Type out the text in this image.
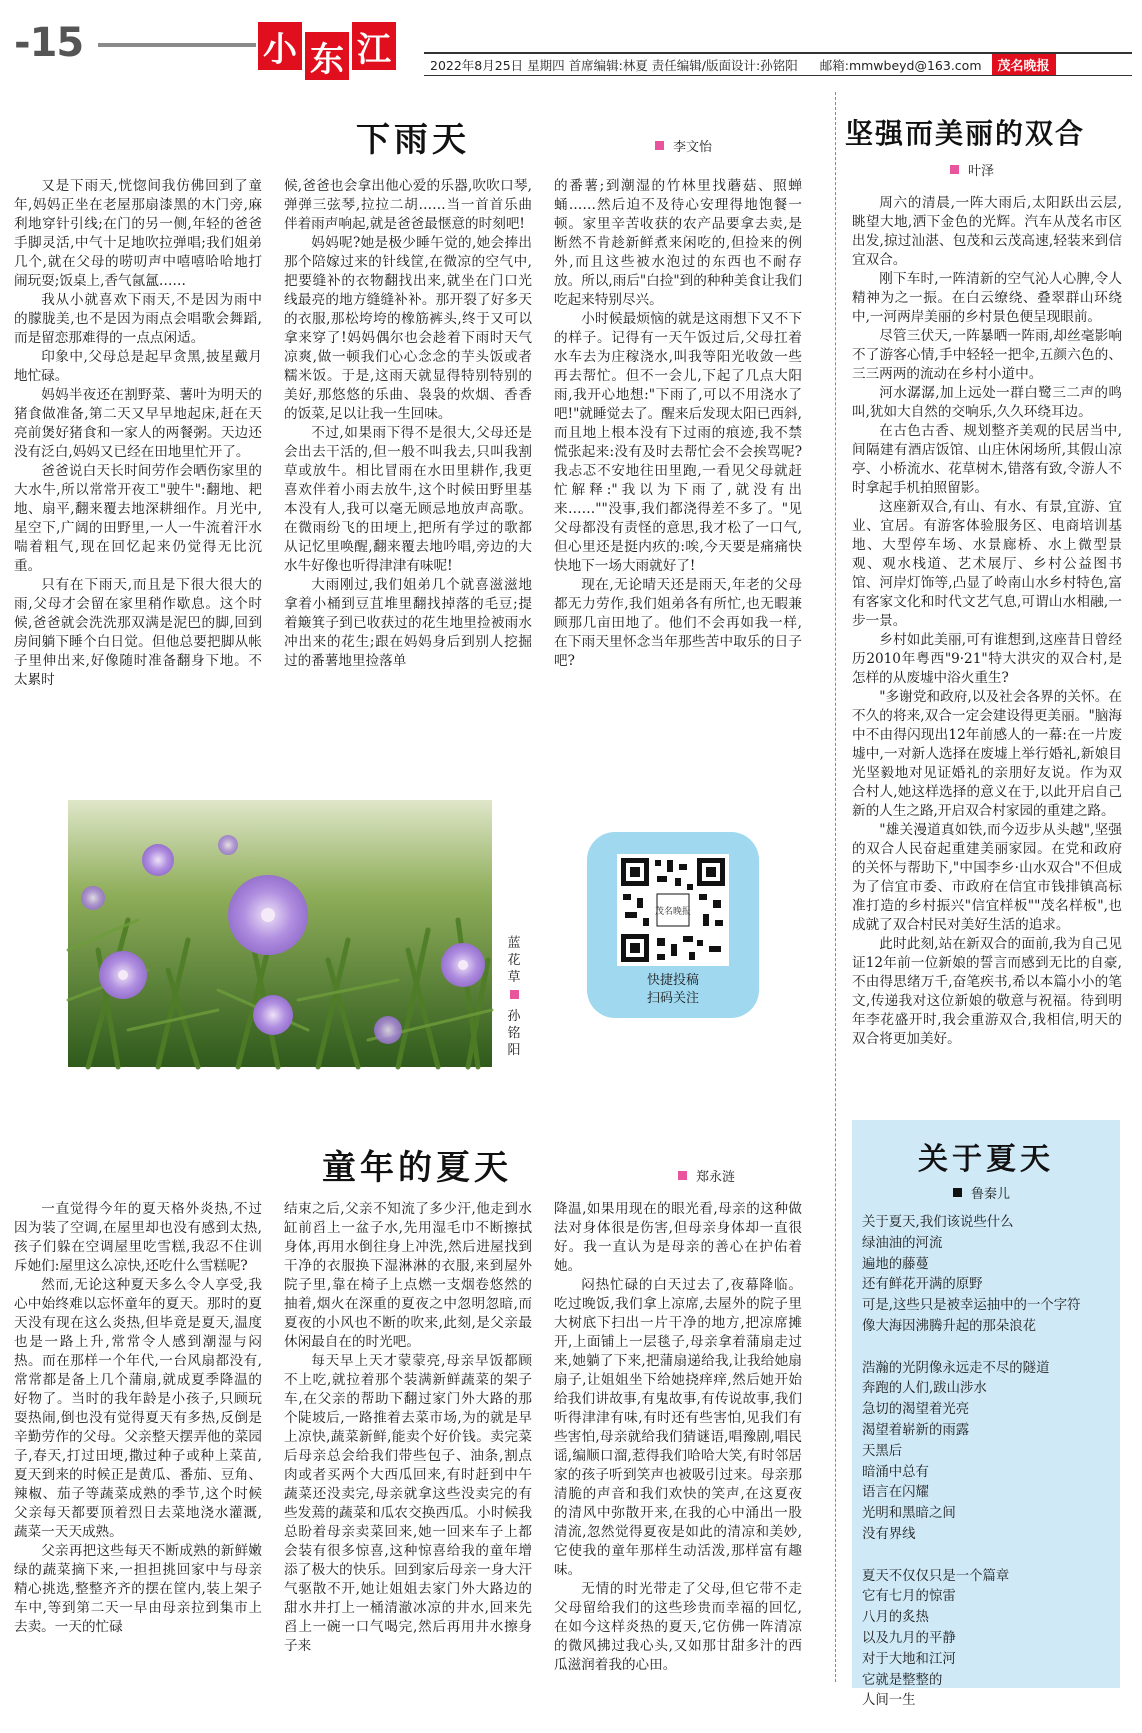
-15	小 东 江	2022年8月25日 星期四 首席编辑:林夏 责任编辑/版面设计:孙铭阳 邮箱:mmwbeyd@163.com	茂名晚报
下雨天	李文怡

又是下雨天,恍惚间我仿佛回到了童年,妈妈正坐在老屋那扇漆黑的木门旁,麻利地穿针引线;在门的另一侧,年轻的爸爸手脚灵活,中气十足地吹拉弹唱;我们姐弟几个,就在父母的唠叨声中嘻嘻哈哈地打闹玩耍;饭桌上,香气氤氲……

我从小就喜欢下雨天,不是因为雨中的朦胧美,也不是因为雨点会唱歌会舞蹈,而是留恋那难得的一点点闲适。

印象中,父母总是起早贪黑,披星戴月地忙碌。

妈妈半夜还在割野菜、薯叶为明天的猪食做准备,第二天又早早地起床,赶在天亮前煲好猪食和一家人的两餐粥。天边还没有泛白,妈妈又已经在田地里忙开了。

爸爸说白天长时间劳作会晒伤家里的大水牛,所以常常开夜工"驶牛":翻地、耙地、扇平,翻来覆去地深耕细作。月光中,星空下,广阔的田野里,一人一牛流着汗水喘着粗气,现在回忆起来仍觉得无比沉重。

只有在下雨天,而且是下很大很大的雨,父母才会留在家里稍作歇息。这个时候,爸爸就会洗洗那双满是泥巴的脚,回到房间躺下睡个白日觉。但他总要把脚从帐子里伸出来,好像随时准备翻身下地。不太累时

候,爸爸也会拿出他心爱的乐器,吹吹口琴,弹弹三弦琴,拉拉二胡……当一首首乐曲伴着雨声响起,就是爸爸最惬意的时刻吧!

妈妈呢?她是极少睡午觉的,她会捧出那个陪嫁过来的针线筐,在微凉的空气中,把要缝补的衣物翻找出来,就坐在门口光线最亮的地方缝缝补补。那开裂了好多天的衣服,那松垮垮的橡筋裤头,终于又可以拿来穿了!妈妈偶尔也会趁着下雨时天气凉爽,做一顿我们心心念念的芋头饭或者糯米饭。于是,这雨天就显得特别特别的美好,那悠悠的乐曲、袅袅的炊烟、香香的饭菜,足以让我一生回味。

不过,如果雨下得不是很大,父母还是会出去干活的,但一般不叫我去,只叫我割草或放牛。相比冒雨在水田里耕作,我更喜欢伴着小雨去放牛,这个时候田野里基本没有人,我可以毫无顾忌地放声高歌。在微雨纷飞的田埂上,把所有学过的歌都从记忆里唤醒,翻来覆去地吟唱,旁边的大水牛好像也听得津津有味呢!

大雨刚过,我们姐弟几个就喜滋滋地拿着小桶到豆苴堆里翻找掉落的毛豆;提着簸箕子到已收获过的花生地里捡被雨水冲出来的花生;跟在妈妈身后到别人挖掘过的番薯地里捡落单

的番薯;到潮湿的竹林里找蘑菇、照蝉蛹……然后迫不及待心安理得地饱餐一顿。家里辛苦收获的农产品要拿去卖,是断然不肯趁新鲜煮来闲吃的,但捡来的例外,而且这些被水泡过的东西也不耐存放。所以,雨后"白捡"到的种种美食让我们吃起来特别尽兴。

小时候最烦恼的就是这雨想下又不下的样子。记得有一天午饭过后,父母扛着水车去为庄稼浇水,叫我等阳光收敛一些再去帮忙。但不一会儿,下起了几点大阳雨,我开心地想:"下雨了,可以不用浇水了吧!"就睡觉去了。醒来后发现太阳已西斜,而且地上根本没有下过雨的痕迹,我不禁慌张起来:没有及时去帮忙会不会挨骂呢?我忐忑不安地往田里跑,一看见父母就赶忙解释:"我以为下雨了,就没有出来……""没事,我们都浇得差不多了。"见父母都没有责怪的意思,我才松了一口气,但心里还是挺内疚的:唉,今天要是痛痛快快地下一场大雨就好了!

现在,无论晴天还是雨天,年老的父母都无力劳作,我们姐弟各有所忙,也无暇兼顾那几亩田地了。他们不会再如我一样,在下雨天里怀念当年那些苦中取乐的日子吧?

蓝花草

孙铭阳
茂名晚报
快捷投稿
扫码关注
坚强而美丽的双合
叶泽

周六的清晨,一阵大雨后,太阳跃出云层,眺望大地,洒下金色的光辉。汽车从茂名市区出发,掠过汕湛、包茂和云茂高速,轻装来到信宜双合。

刚下车时,一阵清新的空气沁人心脾,令人精神为之一振。在白云缭绕、叠翠群山环绕中,一河两岸美丽的乡村景色便呈现眼前。

尽管三伏天,一阵暴晒一阵雨,却丝毫影响不了游客心情,手中轻轻一把伞,五颜六色的、三三两两的流动在乡村小道中。

河水潺潺,加上远处一群白鹭三二声的鸣叫,犹如大自然的交响乐,久久环绕耳边。

在古色古香、规划整齐美观的民居当中,间隔建有酒店饭馆、山庄休闲场所,其假山凉亭、小桥流水、花草树木,错落有致,令游人不时拿起手机拍照留影。

这座新双合,有山、有水、有景,宜游、宜业、宜居。有游客体验服务区、电商培训基地、大型停车场、水景廊桥、水上微型景观、观水栈道、艺术展厅、乡村公益图书馆、河岸灯饰等,凸显了岭南山水乡村特色,富有客家文化和时代文艺气息,可谓山水相融,一步一景。

乡村如此美丽,可有谁想到,这座昔日曾经历2010年粤西"9·21"特大洪灾的双合村,是怎样的从废墟中浴火重生?

"多谢党和政府,以及社会各界的关怀。在不久的将来,双合一定会建设得更美丽。"脑海中不由得闪现出12年前感人的一幕:在一片废墟中,一对新人选择在废墟上举行婚礼,新娘目光坚毅地对见证婚礼的亲朋好友说。作为双合村人,她这样选择的意义在于,以此开启自己新的人生之路,开启双合村家园的重建之路。

"雄关漫道真如铁,而今迈步从头越",坚强的双合人民奋起重建美丽家园。在党和政府的关怀与帮助下,"中国李乡·山水双合"不但成为了信宜市委、市政府在信宜市钱排镇高标准打造的乡村振兴"信宜样板""茂名样板",也成就了双合村民对美好生活的追求。

此时此刻,站在新双合的面前,我为自己见证12年前一位新娘的誓言而感到无比的自豪,不由得思绪万千,奋笔疾书,希以本篇小小的笔文,传递我对这位新娘的敬意与祝福。待到明年李花盛开时,我会重游双合,我相信,明天的双合将更加美好。

童年的夏天	郑永涟

一直觉得今年的夏天格外炎热,不过因为装了空调,在屋里却也没有感到太热,孩子们躲在空调屋里吃雪糕,我忍不住训斥她们:屋里这么凉快,还吃什么雪糕呢?

然而,无论这种夏天多么令人享受,我心中始终难以忘怀童年的夏天。那时的夏天没有现在这么炎热,但毕竟是夏天,温度也是一路上升,常常令人感到潮湿与闷热。而在那样一个年代,一台风扇都没有,常常都是备上几个蒲扇,就成夏季降温的好物了。当时的我年龄是小孩子,只顾玩耍热闹,倒也没有觉得夏天有多热,反倒是辛勤劳作的父母。父亲整天摆弄他的菜园子,春天,打过田埂,撒过种子或种上菜苗,夏天到来的时候正是黄瓜、番茄、豆角、辣椒、茄子等蔬菜成熟的季节,这个时候父亲每天都要顶着烈日去菜地浇水灌溉,蔬菜一天天成熟。

父亲再把这些每天不断成熟的新鲜嫩绿的蔬菜摘下来,一担担挑回家中与母亲精心挑选,整整齐齐的摆在筐内,装上架子车中,等到第二天一早由母亲拉到集市上去卖。一天的忙碌

结束之后,父亲不知流了多少汗,他走到水缸前舀上一盆子水,先用湿毛巾不断擦拭身体,再用水倒往身上冲洗,然后进屋找到干净的衣服换下湿淋淋的衣服,来到屋外院子里,靠在椅子上点燃一支烟卷悠然的抽着,烟火在深重的夏夜之中忽明忽暗,而夏夜的小风也不断的吹来,此刻,是父亲最休闲最自在的时光吧。

每天早上天才蒙蒙亮,母亲早饭都顾不上吃,就拉着那个装满新鲜蔬菜的架子车,在父亲的帮助下翻过家门外大路的那个陡坡后,一路推着去菜市场,为的就是早上凉快,蔬菜新鲜,能卖个好价钱。卖完菜后母亲总会给我们带些包子、油条,割点肉或者买两个大西瓜回来,有时赶到中午蔬菜还没卖完,母亲就拿这些没卖完的有些发蔫的蔬菜和瓜农交换西瓜。小时候我总盼着母亲卖菜回来,她一回来车子上都会装有很多惊喜,这种惊喜给我的童年增添了极大的快乐。回到家后母亲一身大汗气驱散不开,她让姐姐去家门外大路边的甜水井打上一桶清澈冰凉的井水,回来先舀上一碗一口气喝完,然后再用井水擦身子来

降温,如果用现在的眼光看,母亲的这种做法对身体很是伤害,但母亲身体却一直很好。我一直认为是母亲的善心在护佑着她。

闷热忙碌的白天过去了,夜幕降临。吃过晚饭,我们拿上凉席,去屋外的院子里大树底下扫出一片干净的地方,把凉席摊开,上面铺上一层毯子,母亲拿着蒲扇走过来,她躺了下来,把蒲扇递给我,让我给她扇扇子,让姐姐坐下给她挠痒痒,然后她开始给我们讲故事,有鬼故事,有传说故事,我们听得津津有味,有时还有些害怕,见我们有些害怕,母亲就给我们猜谜语,唱豫剧,唱民谣,编顺口溜,惹得我们哈哈大笑,有时邻居家的孩子听到笑声也被吸引过来。母亲那清脆的声音和我们欢快的笑声,在这夏夜的清风中弥散开来,在我的心中涌出一股清流,忽然觉得夏夜是如此的清凉和美妙,它使我的童年那样生动活泼,那样富有趣味。

无情的时光带走了父母,但它带不走父母留给我们的这些珍贵而幸福的回忆,在如今这样炎热的夏天,它仿佛一阵清凉的微风拂过我心头,又如那甘甜多汁的西瓜滋润着我的心田。

关于夏天
鲁秦儿
关于夏天,我们该说些什么
绿油油的河流
遍地的藤蔓
还有鲜花开满的原野
可是,这些只是被幸运抽中的一个字符
像大海因沸腾升起的那朵浪花
浩瀚的光阴像永远走不尽的隧道
奔跑的人们,跋山涉水
急切的渴望着光亮
渴望着崭新的雨露
天黑后
暗涌中总有
语言在闪耀
光明和黑暗之间
没有界线
夏天不仅仅只是一个篇章
它有七月的惊雷
八月的炙热
以及九月的平静
对于大地和江河
它就是整整的
人间一生
